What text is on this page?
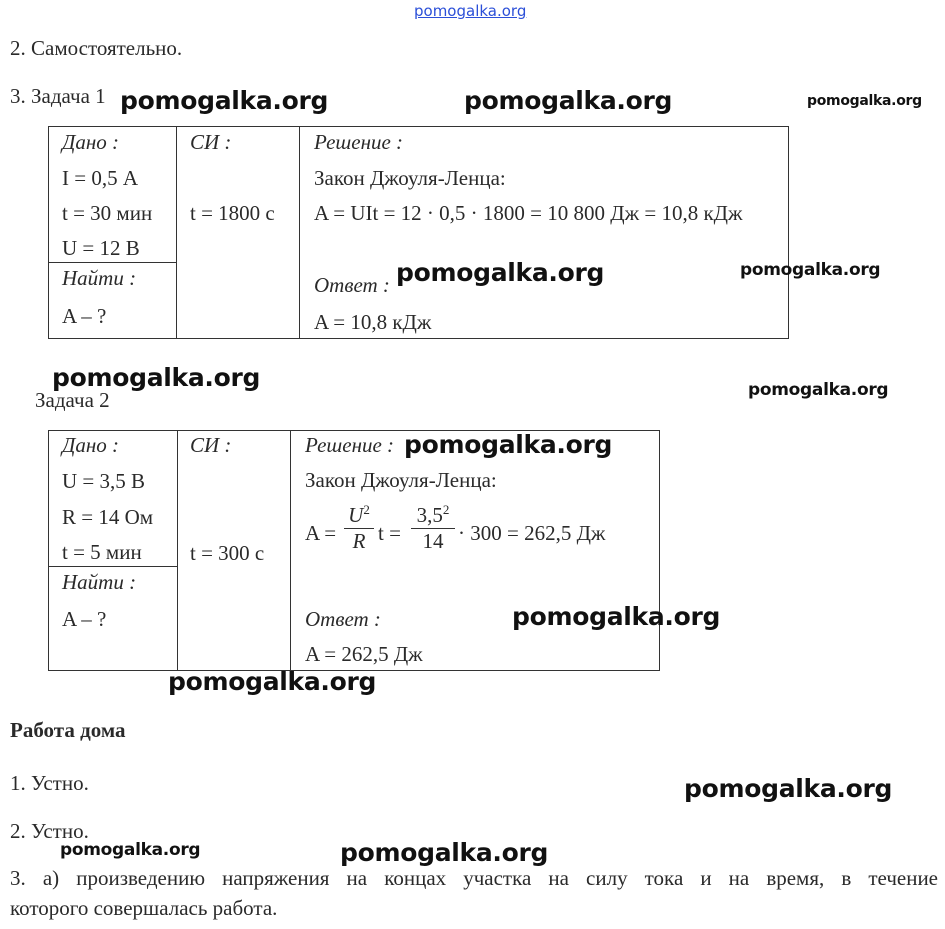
pomogalka.org
2. Самостоятельно.
3. Задача 1
Дано :
I = 0,5 А
t = 30 мин
U = 12 В
Найти :
A – ?
СИ :
t = 1800 с
Решение :
Закон Джоуля-Ленца:
A = UIt = 12 · 0,5 · 1800 = 10 800 Дж = 10,8 кДж
Ответ :
A = 10,8 кДж
Задача 2
Дано :
U = 3,5 В
R = 14 Ом
t = 5 мин
Найти :
A – ?
СИ :
t = 300 с
Решение :
Закон Джоуля-Ленца:
A =
$U^2$
R t =
$3,5^2$
14 · 300 = 262,5 Дж
Ответ :
A = 262,5 Дж
Работа дома
1. Устно.
2. Устно.
3. а) произведению напряжения на концах участка на силу тока и на время, в течение
которого совершалась работа.
pomogalka.org	pomogalka.org	pomogalka.org
pomogalka.org	pomogalka.org
pomogalka.org	pomogalka.org
pomogalka.org
pomogalka.org
pomogalka.org
pomogalka.org
pomogalka.org	pomogalka.org
